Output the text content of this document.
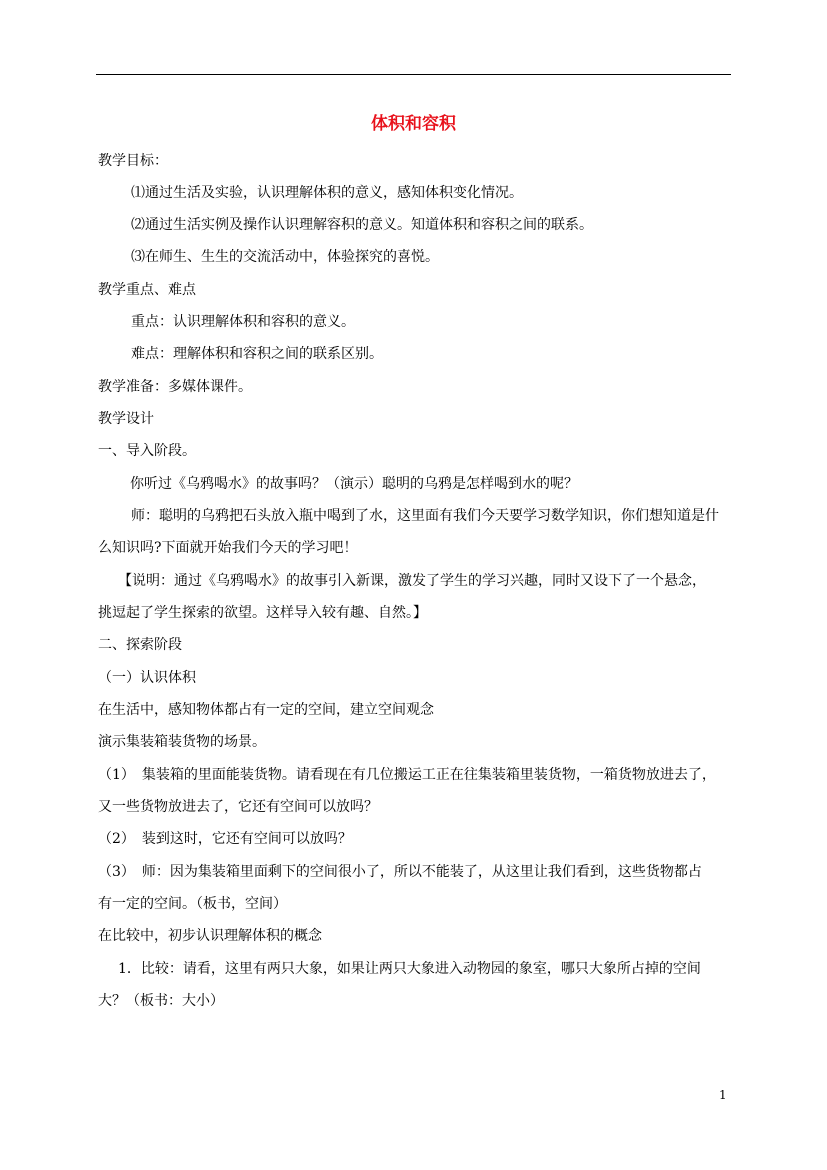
体积和容积
教学目标：
⑴通过生活及实验，认识理解体积的意义，感知体积变化情况。
⑵通过生活实例及操作认识理解容积的意义。知道体积和容积之间的联系。
⑶在师生、生生的交流活动中，体验探究的喜悦。
教学重点、难点
重点：认识理解体积和容积的意义。
难点：理解体积和容积之间的联系区别。
教学准备：多媒体课件。
教学设计
一、导入阶段。
你听过《乌鸦喝水》的故事吗？（演示）聪明的乌鸦是怎样喝到水的呢？
师：聪明的乌鸦把石头放入瓶中喝到了水，这里面有我们今天要学习数学知识，你们想知道是什
么知识吗?下面就开始我们今天的学习吧！
【说明：通过《乌鸦喝水》的故事引入新课，激发了学生的学习兴趣，同时又设下了一个悬念，
挑逗起了学生探索的欲望。这样导入较有趣、自然。】
二、探索阶段
（一）认识体积
在生活中，感知物体都占有一定的空间，建立空间观念
演示集装箱装货物的场景。
（1）　集装箱的里面能装货物。请看现在有几位搬运工正在往集装箱里装货物，一箱货物放进去了，
又一些货物放进去了，它还有空间可以放吗？
（2）　装到这时，它还有空间可以放吗？
（3）　师：因为集装箱里面剩下的空间很小了，所以不能装了，从这里让我们看到，这些货物都占
有一定的空间。（板书，空间）
在比较中，初步认识理解体积的概念
1．比较：请看，这里有两只大象，如果让两只大象进入动物园的象室，哪只大象所占掉的空间
大？（板书：大小）
1
